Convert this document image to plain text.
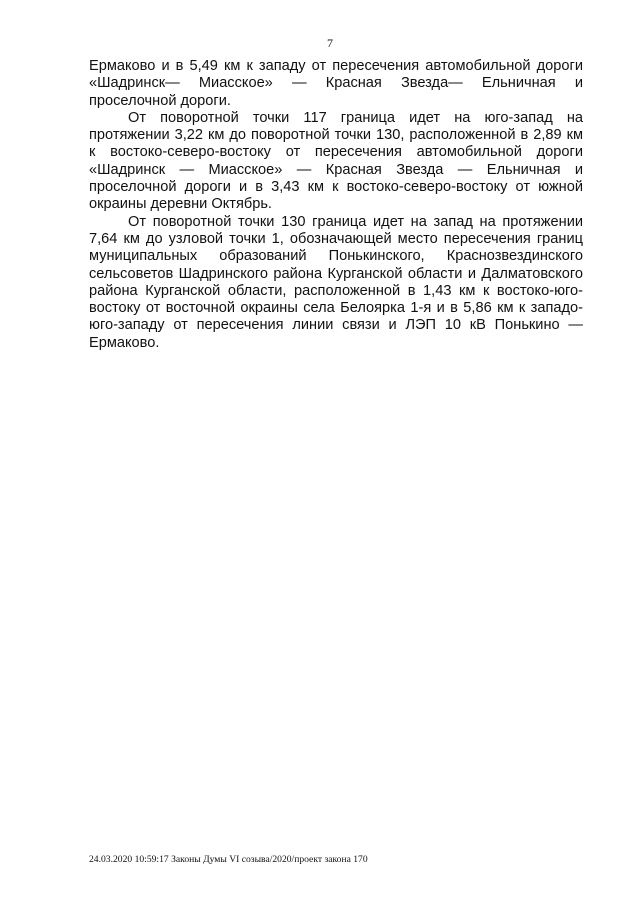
7

Ермаково и в 5,49 км к западу от пересечения автомобильной дороги «Шадринск— Миасское» — Красная Звезда— Ельничная и проселочной дороги.

От поворотной точки 117 граница идет на юго-запад на протяжении 3,22 км до поворотной точки 130, расположенной в 2,89 км к востоко-северо-востоку от пересечения автомобильной дороги «Шадринск — Миасское» — Красная Звезда — Ельничная и проселочной дороги и в 3,43 км к востоко-северо-востоку от южной окраины деревни Октябрь.

От поворотной точки 130 граница идет на запад на протяжении 7,64 км до узловой точки 1, обозначающей место пересечения границ муниципальных образований Понькинского, Краснозвездинского сельсоветов Шадринского района Курганской области и Далматовского района Курганской области, расположенной в 1,43 км к востоко-юго-востоку от восточной окраины села Белоярка 1-я и в 5,86 км к западо-юго-западу от пересечения линии связи и ЛЭП 10 кВ Понькино — Ермаково.

24.03.2020 10:59:17 Законы Думы VI созыва/2020/проект закона 170
